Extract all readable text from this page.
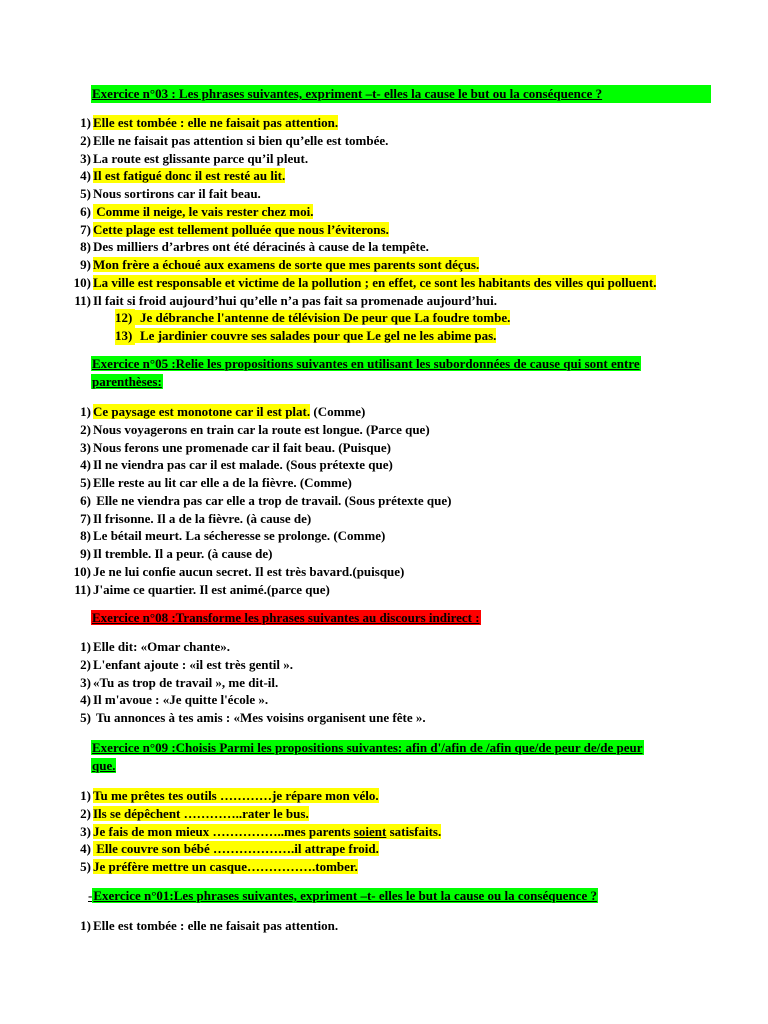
Exercice n°03 : Les phrases suivantes, expriment –t- elles la cause le but ou la conséquence ?
1) Elle est tombée : elle ne faisait pas attention.
2) Elle ne faisait pas attention si bien qu’elle est tombée.
3) La route est glissante parce qu’il pleut.
4) Il est fatigué donc il est resté au lit.
5) Nous sortirons car il fait beau.
6) Comme il neige, le vais rester chez moi.
7) Cette plage est tellement polluée que nous l’éviterons.
8) Des milliers d’arbres ont été déracinés à cause de la tempête.
9) Mon frère a échoué aux examens de sorte que mes parents sont déçus.
10) La ville est responsable et victime de la pollution ; en effet, ce sont les habitants des villes qui polluent.
11) Il fait si froid aujourd’hui qu’elle n’a pas fait sa promenade aujourd’hui.
12) Je débranche l'antenne de télévision De peur que La foudre tombe.
13) Le jardinier couvre ses salades pour que Le gel ne les abime pas.
Exercice n°05 :Relie les propositions suivantes en utilisant les subordonnées de cause qui sont entre
parenthèses:
1) Ce paysage est monotone car il est plat. (Comme)
2) Nous voyagerons en train car la route est longue. (Parce que)
3) Nous ferons une promenade car il fait beau. (Puisque)
4) Il ne viendra pas car il est malade. (Sous prétexte que)
5) Elle reste au lit car elle a de la fièvre. (Comme)
6) Elle ne viendra pas car elle a trop de travail. (Sous prétexte que)
7) Il frisonne. Il a de la fièvre. (à cause de)
8) Le bétail meurt. La sécheresse se prolonge. (Comme)
9) Il tremble. Il a peur. (à cause de)
10) Je ne lui confie aucun secret. Il est très bavard.(puisque)
11) J'aime ce quartier. Il est animé.(parce que)
Exercice n°08 :Transforme les phrases suivantes au discours indirect :
1) Elle dit: «Omar chante».
2) L'enfant ajoute : «il est très gentil ».
3) «Tu as trop de travail », me dit-il.
4) Il m'avoue : «Je quitte l'école ».
5) Tu annonces à tes amis : «Mes voisins organisent une fête ».
Exercice n°09 :Choisis Parmi les propositions suivantes: afin d'/afin de /afin que/de peur de/de peur
que.
1) Tu me prêtes tes outils …………je répare mon vélo.
2) Ils se dépêchent …………..rater le bus.
3) Je fais de mon mieux ……………..mes parents soient satisfaits.
4) Elle couvre son bébé ……………….il attrape froid.
5) Je préfère mettre un casque…………….tomber.
-Exercice n°01:Les phrases suivantes, expriment –t- elles le but la cause ou la conséquence ?
1) Elle est tombée : elle ne faisait pas attention.
